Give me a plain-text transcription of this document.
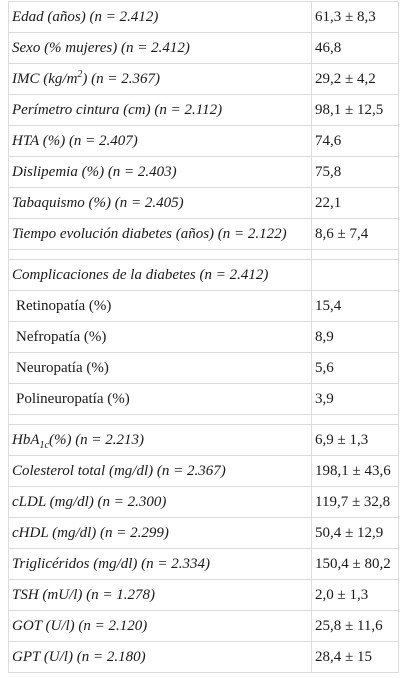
Edad (años) (n = 2.412)	61,3 ± 8,3
Sexo (% mujeres) (n = 2.412)	46,8
IMC $(kg/m^2) (n = 2.367)$	29,2 ± 4,2
Perímetro cintura (cm) (n = 2.112)	98,1 ± 12,5
HTA (%) (n = 2.407)	74,6
Dislipemia (%) (n = 2.403)	75,8
Tabaquismo (%) (n = 2.405)	22,1
Tiempo evolución diabetes (años) (n = 2.122)	8,6 ± 7,4

Complicaciones de la diabetes (n = 2.412)	
Retinopatía (%)	15,4
Nefropatía (%)	8,9
Neuropatía (%)	5,6
Polineuropatía (%)	3,9

HbA$_{1c}$(%) (n = 2.213)	6,9 ± 1,3
Colesterol total (mg/dl) (n = 2.367)	198,1 ± 43,6
cLDL (mg/dl) (n = 2.300)	119,7 ± 32,8
cHDL (mg/dl) (n = 2.299)	50,4 ± 12,9
Triglicéridos (mg/dl) (n = 2.334)	150,4 ± 80,2
TSH (mU/l) (n = 1.278)	2,0 ± 1,3
GOT (U/l) (n = 2.120)	25,8 ± 11,6
GPT (U/l) (n = 2.180)	28,4 ± 15
